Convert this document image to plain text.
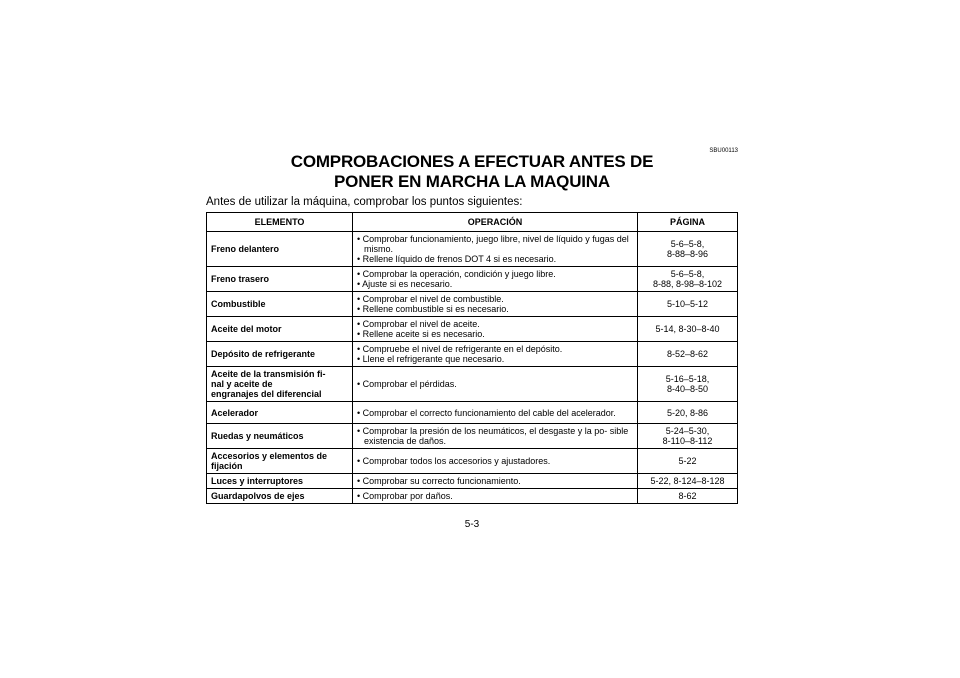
SBU00113
COMPROBACIONES A EFECTUAR ANTES DE
PONER EN MARCHA LA MAQUINA
Antes de utilizar la máquina, comprobar los puntos siguientes:
ELEMENTO	OPERACIÓN	PÁGINA

Freno delantero	• Comprobar funcionamiento, juego libre, nivel de líquido y fugas del mismo.
• Rellene líquido de frenos DOT 4 si es necesario.	5-6–5-8,
8-88–8-96

Freno trasero	• Comprobar la operación, condición y juego libre.
• Ajuste si es necesario.	5-6–5-8,
8-88, 8-98–8-102

Combustible	• Comprobar el nivel de combustible.
• Rellene combustible si es necesario.	5-10–5-12

Aceite del motor	• Comprobar el nivel de aceite.
• Rellene aceite si es necesario.	5-14, 8-30–8-40

Depósito de refrigerante	• Compruebe el nivel de refrigerante en el depósito.
• Llene el refrigerante que necesario.	8-52–8-62

Aceite de la transmisión fi-
nal y aceite de
engranajes del diferencial	• Comprobar el pérdidas.	5-16–5-18,
8-40–8-50

Acelerador	• Comprobar el correcto funcionamiento del cable del acelerador.	5-20, 8-86

Ruedas y neumáticos	• Comprobar la presión de los neumáticos, el desgaste y la po- sible existencia de daños.	5-24–5-30,
8-110–8-112

Accesorios y elementos de
fijación	• Comprobar todos los accesorios y ajustadores.	5-22

Luces y interruptores	• Comprobar su correcto funcionamiento.	5-22, 8-124–8-128

Guardapolvos de ejes	• Comprobar por daños.	8-62
5-3
